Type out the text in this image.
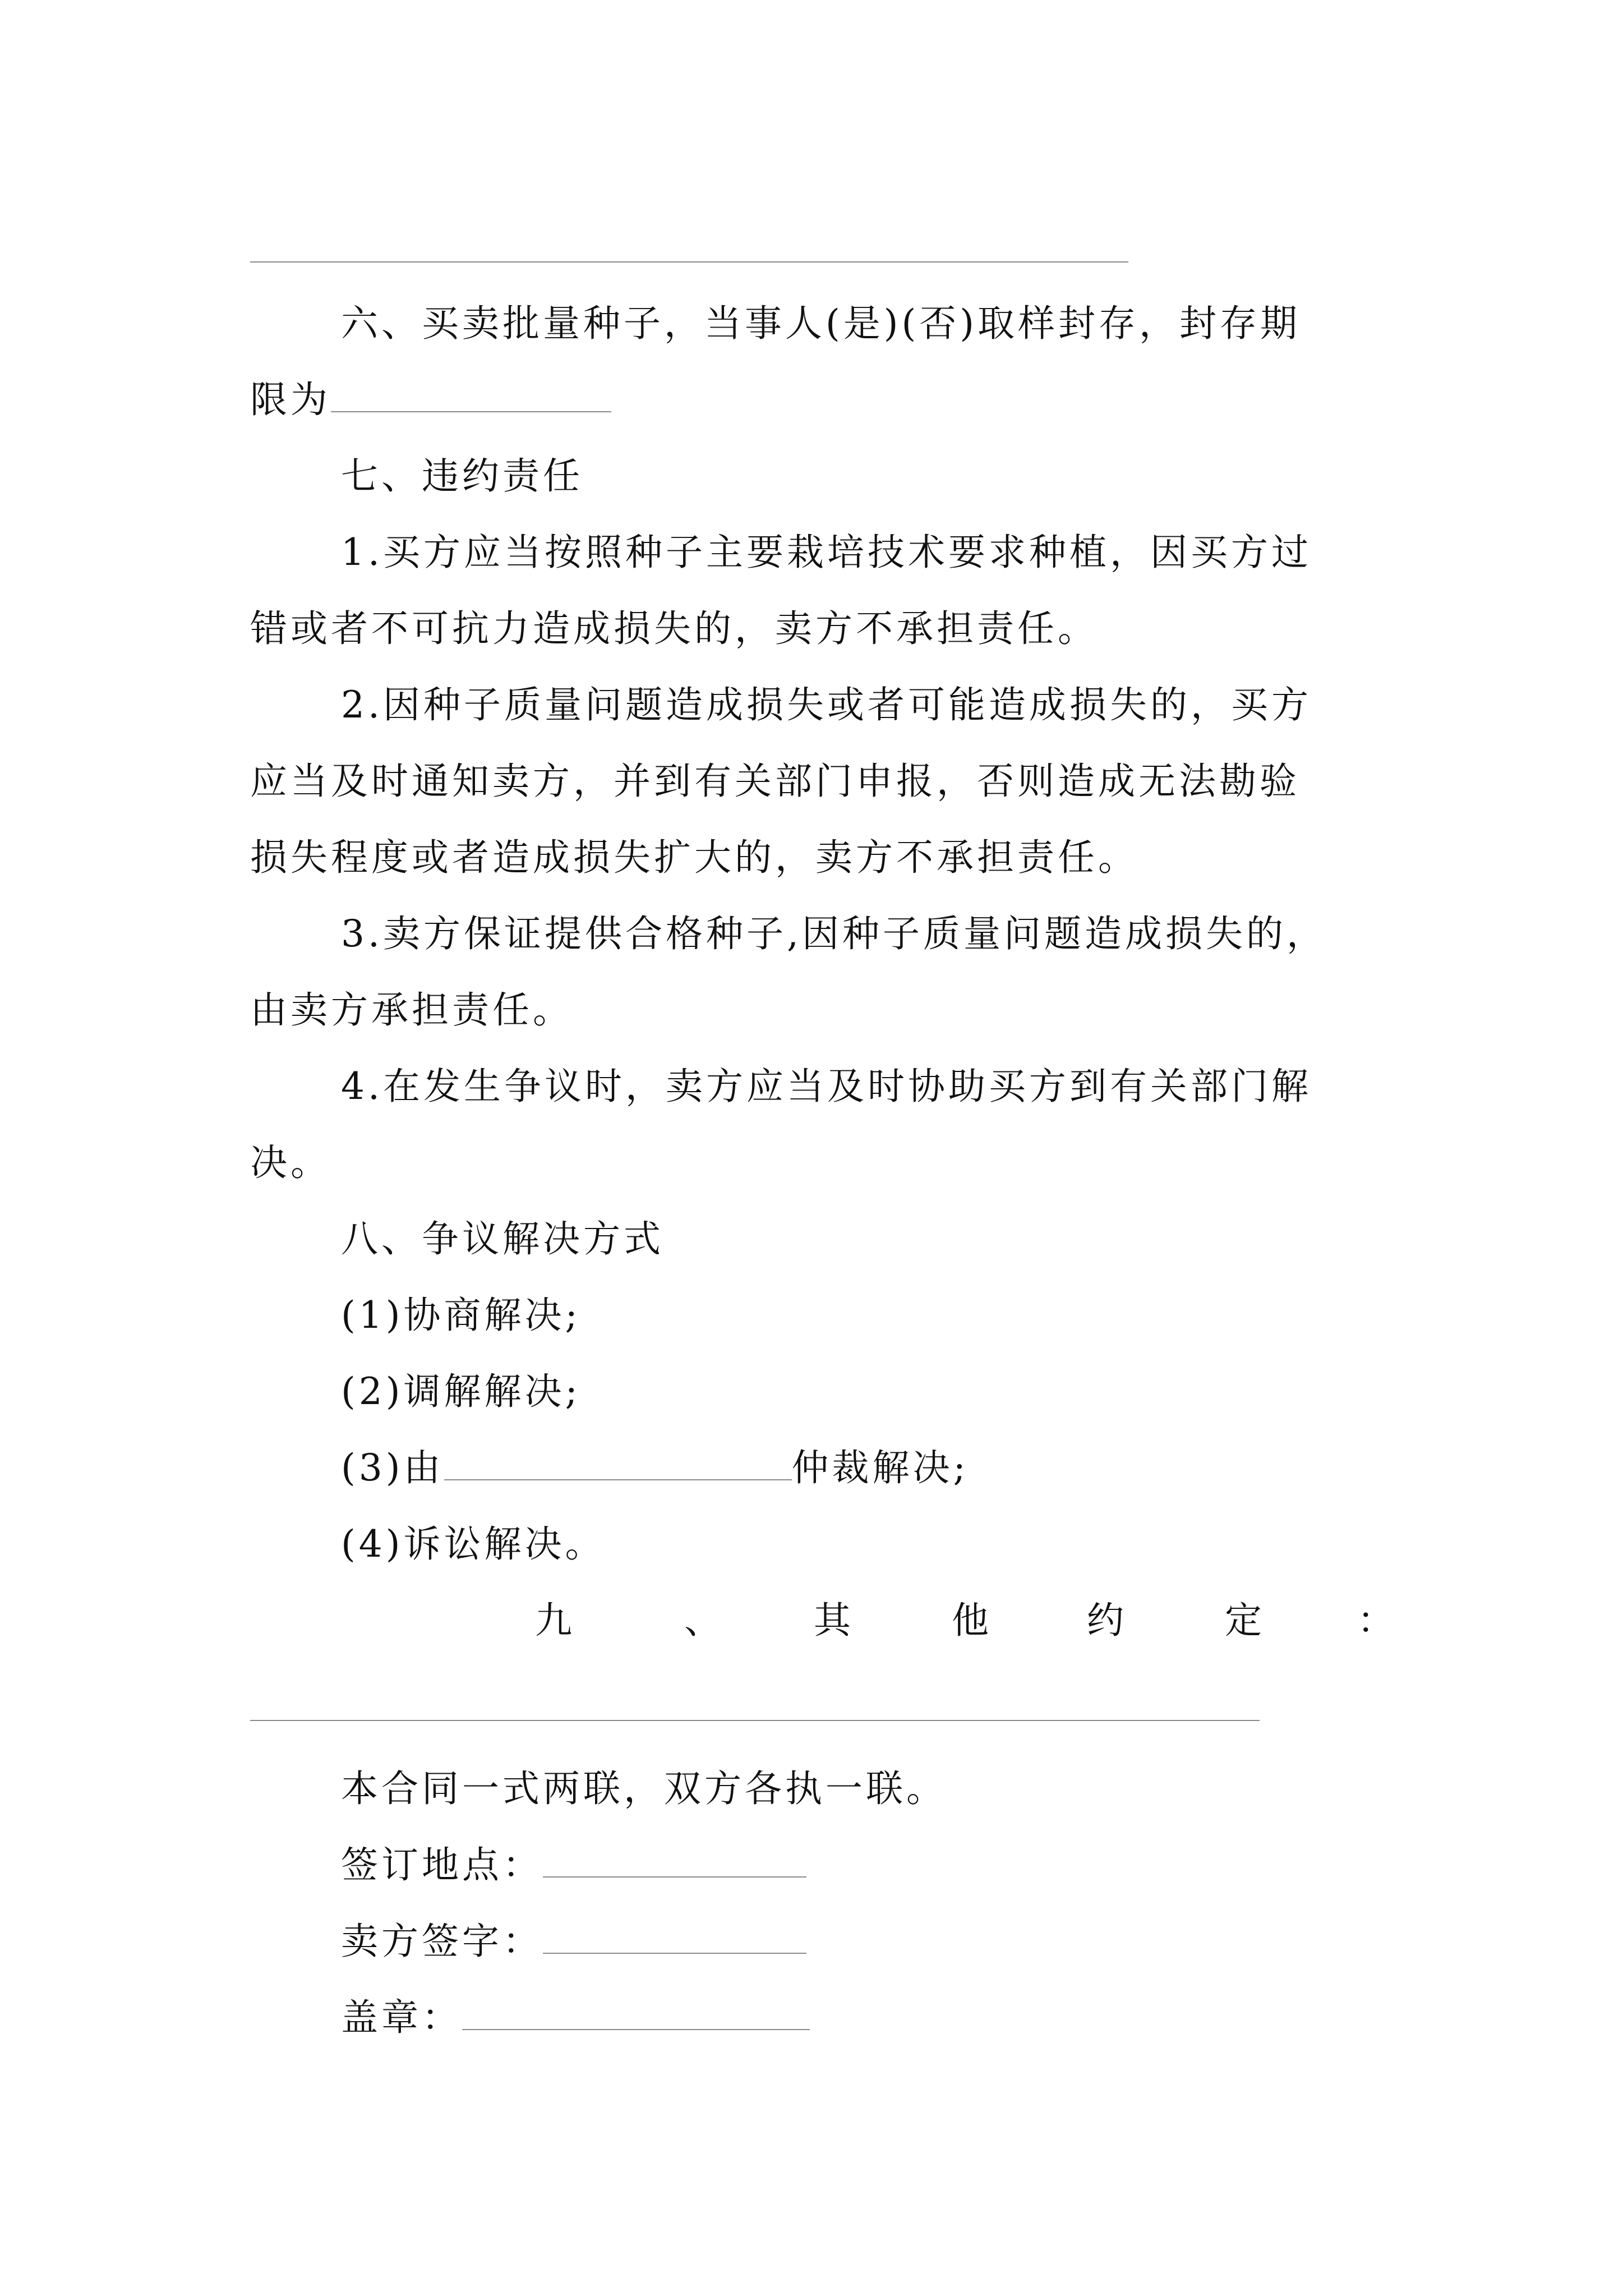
六、买卖批量种子，当事人(是)(否)取样封存，封存期
限为
七、违约责任
1.买方应当按照种子主要栽培技术要求种植，因买方过
错或者不可抗力造成损失的，卖方不承担责任。
2.因种子质量问题造成损失或者可能造成损失的，买方
应当及时通知卖方，并到有关部门申报，否则造成无法勘验
损失程度或者造成损失扩大的，卖方不承担责任。
3.卖方保证提供合格种子,因种子质量问题造成损失的，
由卖方承担责任。
4.在发生争议时，卖方应当及时协助买方到有关部门解
决。
八、争议解决方式
(1)协商解决;
(2)调解解决;
(3)由	仲裁解决;
(4)诉讼解决。
九	、	其	他	约	定	：
本合同一式两联，双方各执一联。
签订地点：
卖方签字：
盖章：
